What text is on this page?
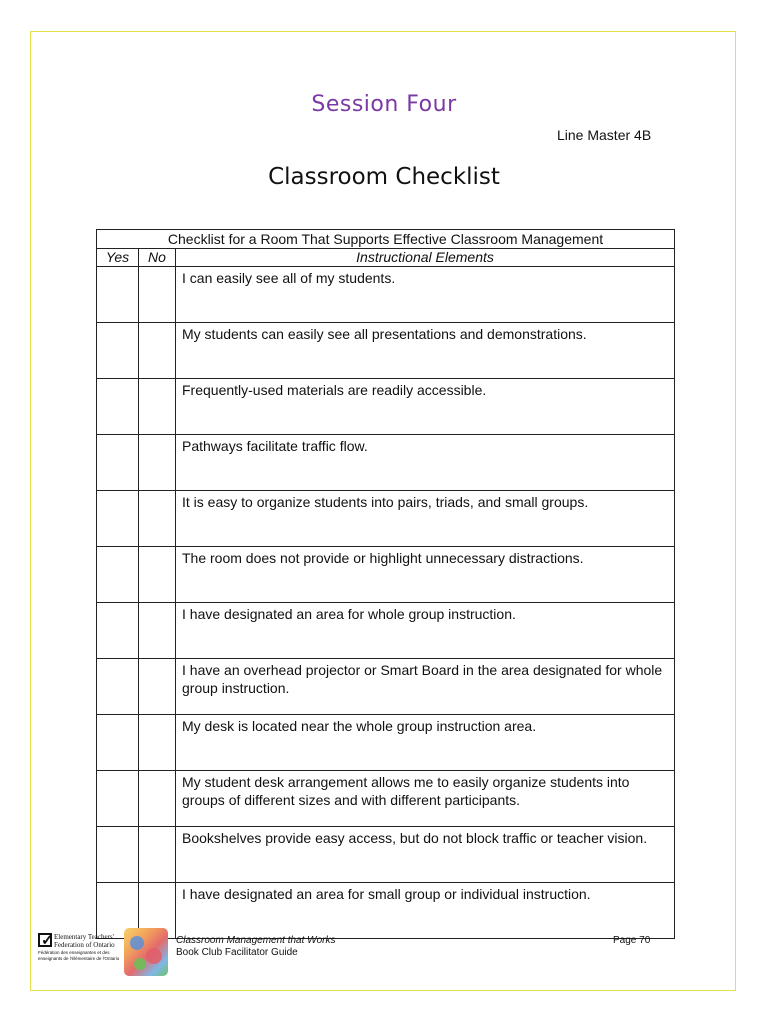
Session Four
Line Master 4B
Classroom Checklist
Checklist for a Room That Supports Effective Classroom Management		
Yes	No	Instructional Elements
		I can easily see all of my students.
		My students can easily see all presentations and demonstrations.
		Frequently-used materials are readily accessible.
		Pathways facilitate traffic flow.
		It is easy to organize students into pairs, triads, and small groups.
		The room does not provide or highlight unnecessary distractions.
		I have designated an area for whole group instruction.
		I have an overhead projector or Smart Board in the area designated for whole group instruction.
		My desk is located near the whole group instruction area.
		My student desk arrangement allows me to easily organize students into groups of different sizes and with different participants.
		Bookshelves provide easy access, but do not block traffic or teacher vision.
		I have designated an area for small group or individual instruction.
✓ Elementary Teachers'
Federation of Ontario
Fédération des enseignantes et des
enseignants de l'élémentaire de l'Ontario
Classroom Management that Works
Book Club Facilitator Guide
Page 70
